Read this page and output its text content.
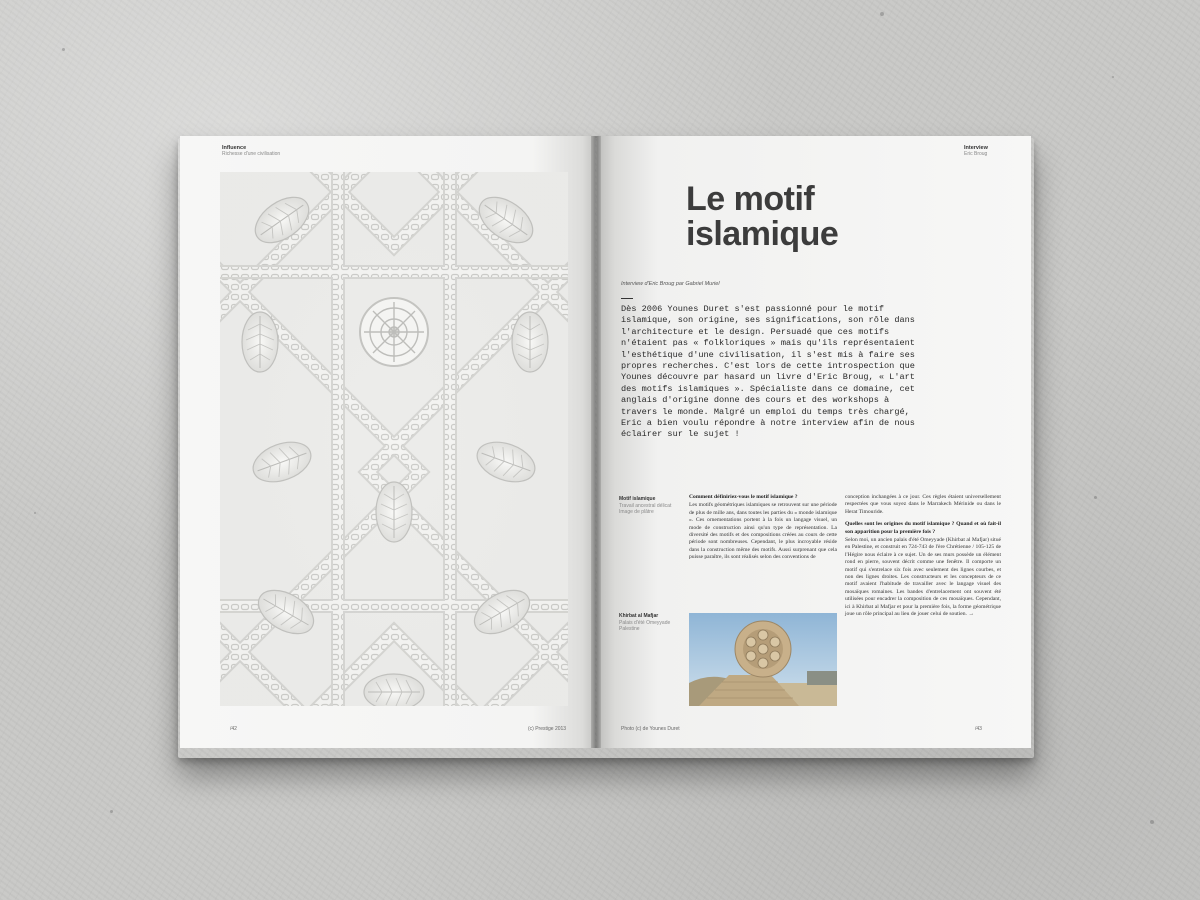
Influence
Richesse d'une civilisation
/42	(c) Prestige 2013
Interview
Eric Broug
Le motif
islamique
Interview d'Eric Broug par Gabriel Muriel
Dès 2006 Younes Duret s'est passionné pour le motif islamique, son origine, ses significations, son rôle dans l'architecture et le design. Persuadé que ces motifs n'étaient pas « folkloriques » mais qu'ils représentaient l'esthétique d'une civilisation, il s'est mis à faire ses propres recherches. C'est lors de cette introspection que Younes découvre par hasard un livre d'Eric Broug, « L'art des motifs islamiques ». Spécialiste dans ce domaine, cet anglais d'origine donne des cours et des workshops à travers le monde. Malgré un emploi du temps très chargé, Eric a bien voulu répondre à notre interview afin de nous éclairer sur le sujet !
Motif islamique
Travail ancestral délicat
Image de plâtre
Khirbat al Mafjar
Palais d'été Omeyyade
Palestine

Comment définiriez-vous le motif islamique ?

Les motifs géométriques islamiques se retrouvent sur une période de plus de mille ans, dans toutes les parties du « monde islamique ». Ces ornementations portent à la fois un langage visuel, un mode de construction ainsi qu'un type de représentation. La diversité des motifs et des compositions créées au cours de cette période sont nombreuses. Cependant, le plus incroyable réside dans la construction même des motifs. Aussi surprenant que cela puisse paraître, ils sont réalisés selon des conventions de

conception inchangées à ce jour. Ces règles étaient universellement respectées que vous soyez dans le Marrakech Mérinide ou dans le Herat Timouride.

Quelles sont les origines du motif islamique ? Quand et où fait-il son apparition pour la première fois ?

Selon moi, un ancien palais d'été Omeyyade (Khirbat al Mafjar) situé en Palestine, et construit en 724-743 de l'ère Chrétienne / 105-125 de l'Hégire nous éclaire à ce sujet. Un de ses murs possède un élément rond en pierre, souvent décrit comme une fenêtre. Il comporte un motif qui s'entrelace six fois avec seulement des lignes courbes, et non des lignes droites. Les constructeurs et les concepteurs de ce motif avaient l'habitude de travailler avec le langage visuel des mosaïques romaines. Les bandes d'entrelacement ont souvent été utilisées pour encadrer la composition de ces mosaïques. Cependant, ici à Khirbat al Mafjar et pour la première fois, la forme géométrique joue un rôle principal au lieu de jouer celui de soutien. →

Photo (c) de Younes Duret	/43
